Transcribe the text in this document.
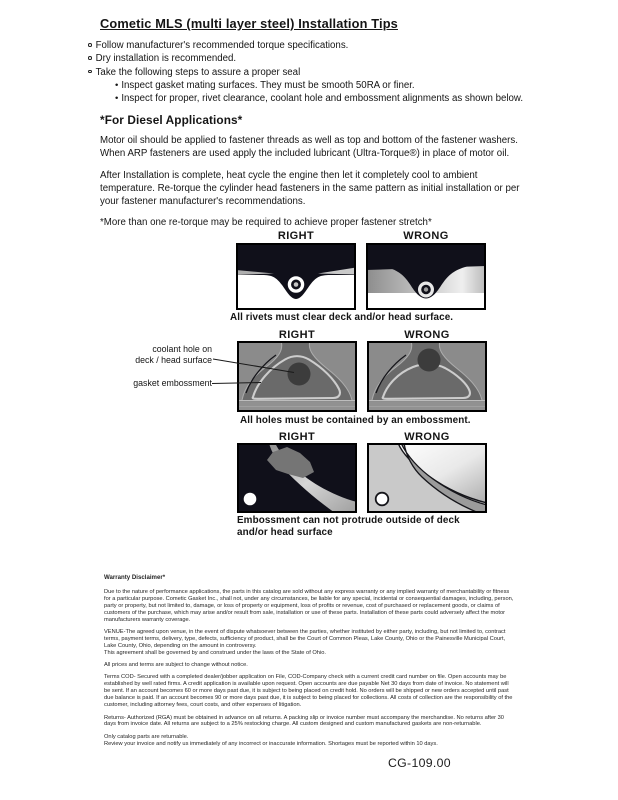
Cometic MLS (multi layer steel) Installation Tips
Follow manufacturer's recommended torque specifications.
Dry installation is recommended.
Take the following steps to assure a proper seal
• Inspect gasket mating surfaces. They must be smooth 50RA or finer.
• Inspect for proper, rivet clearance, coolant hole and embossment alignments as shown below.
*For Diesel Applications*

Motor oil should be applied to fastener threads as well as top and bottom of the fastener washers. When ARP fasteners are used apply the included lubricant (Ultra-Torque®) in place of motor oil.

After Installation is complete, heat cycle the engine then let it completely cool to ambient temperature. Re-torque the cylinder head fasteners in the same pattern as initial installation or per your fastener manufacturer's recommendations.

*More than one re-torque may be required to achieve proper fastener stretch*

RIGHT	WRONG
All rivets must clear deck and/or head surface.
RIGHT	WRONG
coolant hole on
deck / head surface
gasket embossment
All holes must be contained by an embossment.
RIGHT	WRONG
Embossment can not protrude outside of deck
and/or head surface
Warranty Disclaimer*

Due to the nature of performance applications, the parts in this catalog are sold without any express warranty or any implied warranty of merchantability or fitness for a particular purpose. Cometic Gasket Inc., shall not, under any circumstances, be liable for any special, incidental or consequential damages, including, person, party or property, but not limited to, damage, or loss of property or equipment, loss of profits or revenue, cost of purchased or replacement goods, or claims of customers of the purchase, which may arise and/or result from sale, installation or use of these parts. Installation of these parts could adversely affect the motor manufacturers warranty coverage.

VENUE-The agreed upon venue, in the event of dispute whatsoever between the parties, whether instituted by either party, including, but not limited to, contract terms, payment terms, delivery, type, defects, sufficiency of product, shall be the Court of Common Pleas, Lake County, Ohio or the Painesville Municipal Court, Lake County, Ohio, depending on the amount in controversy.
This agreement shall be governed by and construed under the laws of the State of Ohio.

All prices and terms are subject to change without notice.

Terms COD- Secured with a completed dealer/jobber application on File, COD-Company check with a current credit card number on file. Open accounts may be established by well rated firms. A credit application is available upon request. Open accounts are due payable Net 30 days from date of invoice. No statement will be sent. If an account becomes 60 or more days past due, it is subject to being placed on credit hold. No orders will be shipped or new orders accepted until past due balance is paid. If an account becomes 90 or more days past due, it is subject to being placed for collections. All costs of collection are the responsibility of the customer, including attorney fees, court costs, and other expenses of litigation.

Returns- Authorized (RGA) must be obtained in advance on all returns. A packing slip or invoice number must accompany the merchandise. No returns after 30 days from invoice date. All returns are subject to a 25% restocking charge. All custom designed and custom manufactured gaskets are non-returnable.

Only catalog parts are returnable.
Review your invoice and notify us immediately of any incorrect or inaccurate information. Shortages must be reported within 10 days.

CG-109.00
